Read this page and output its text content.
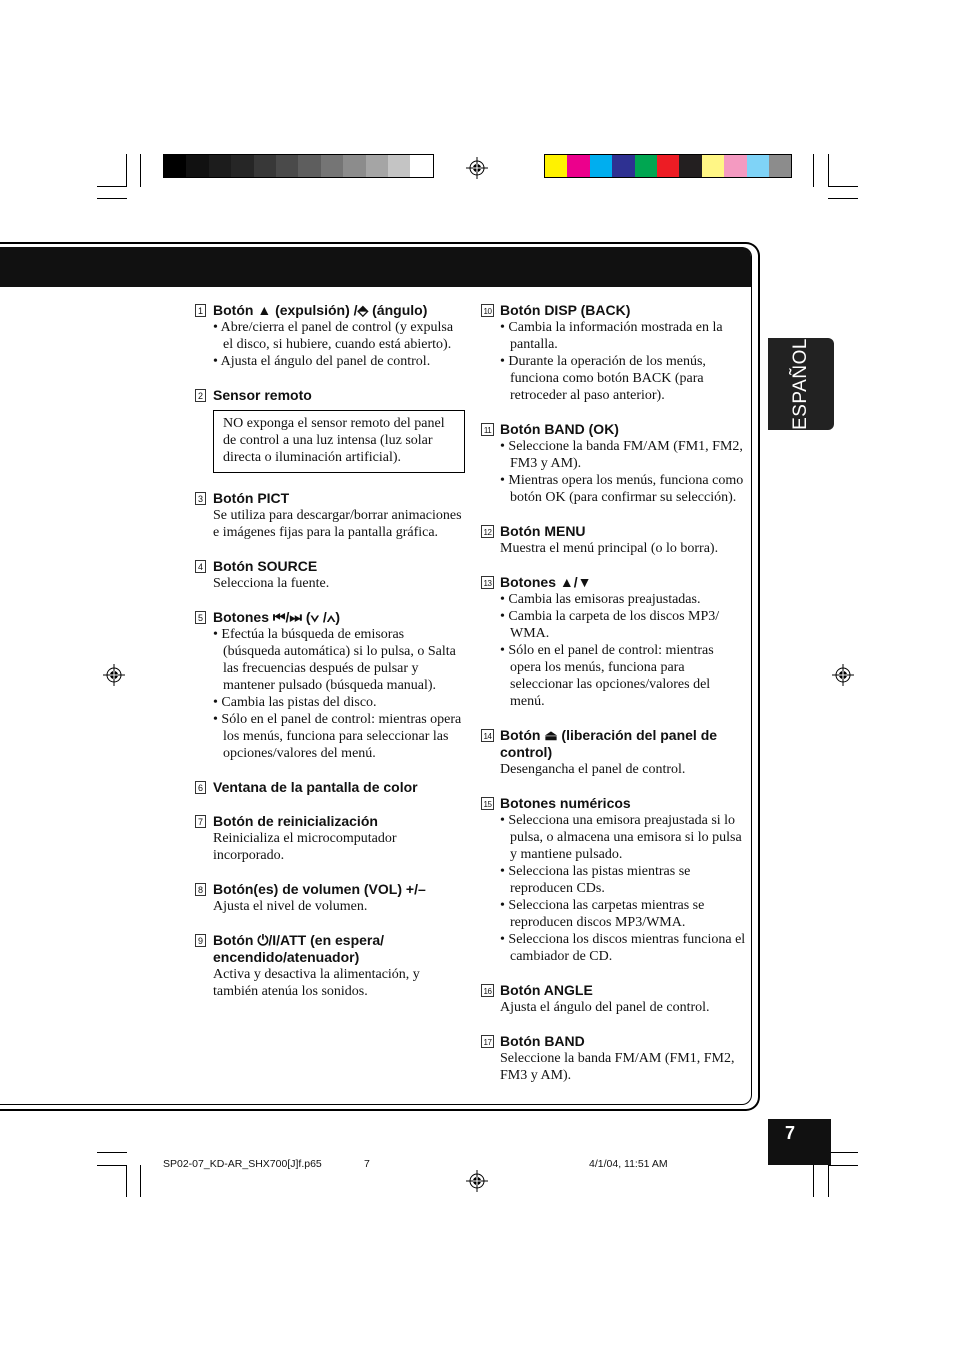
ESPAÑOL
1 Botón ▲ (expulsión) /⬘ (ángulo)
• Abre/cierra el panel de control (y expulsa el disco, si hubiere, cuando está abierto).
• Ajusta el ángulo del panel de control.
2 Sensor remoto
NO exponga el sensor remoto del panel de control a una luz intensa (luz solar directa o iluminación artificial).
3 Botón PICT
Se utiliza para descargar/borrar animaciones e imágenes fijas para la pantalla gráfica.
4 Botón SOURCE
Selecciona la fuente.
5 Botones ⏮/⏭ (∨ /∧)
• Efectúa la búsqueda de emisoras (búsqueda automática) si lo pulsa, o Salta las frecuencias después de pulsar y mantener pulsado (búsqueda manual).
• Cambia las pistas del disco.
• Sólo en el panel de control: mientras opera los menús, funciona para seleccionar las opciones/valores del menú.
6 Ventana de la pantalla de color
7 Botón de reinicialización
Reinicializa el microcomputador incorporado.
8 Botón(es) de volumen (VOL) +/–
Ajusta el nivel de volumen.
9 Botón ⏻/I/ATT (en espera/ encendido/atenuador)
Activa y desactiva la alimentación, y también atenúa los sonidos.
10 Botón DISP (BACK)
• Cambia la información mostrada en la pantalla.
• Durante la operación de los menús, funciona como botón BACK (para retroceder al paso anterior).
11 Botón BAND (OK)
• Seleccione la banda FM/AM (FM1, FM2, FM3 y AM).
• Mientras opera los menús, funciona como botón OK (para confirmar su selección).
12 Botón MENU
Muestra el menú principal (o lo borra).
13 Botones ▲/▼
• Cambia las emisoras preajustadas.
• Cambia la carpeta de los discos MP3/ WMA.
• Sólo en el panel de control: mientras opera los menús, funciona para seleccionar las opciones/valores del menú.
14 Botón ⏏ (liberación del panel de control)
Desengancha el panel de control.
15 Botones numéricos
• Selecciona una emisora preajustada si lo pulsa, o almacena una emisora si lo pulsa y mantiene pulsado.
• Selecciona las pistas mientras se reproducen CDs.
• Selecciona las carpetas mientras se reproducen discos MP3/WMA.
• Selecciona los discos mientras funciona el cambiador de CD.
16 Botón ANGLE
Ajusta el ángulo del panel de control.
17 Botón BAND
Seleccione la banda FM/AM (FM1, FM2, FM3 y AM).
7
SP02-07_KD-AR_SHX700[J]f.p65	7	4/1/04, 11:51 AM
